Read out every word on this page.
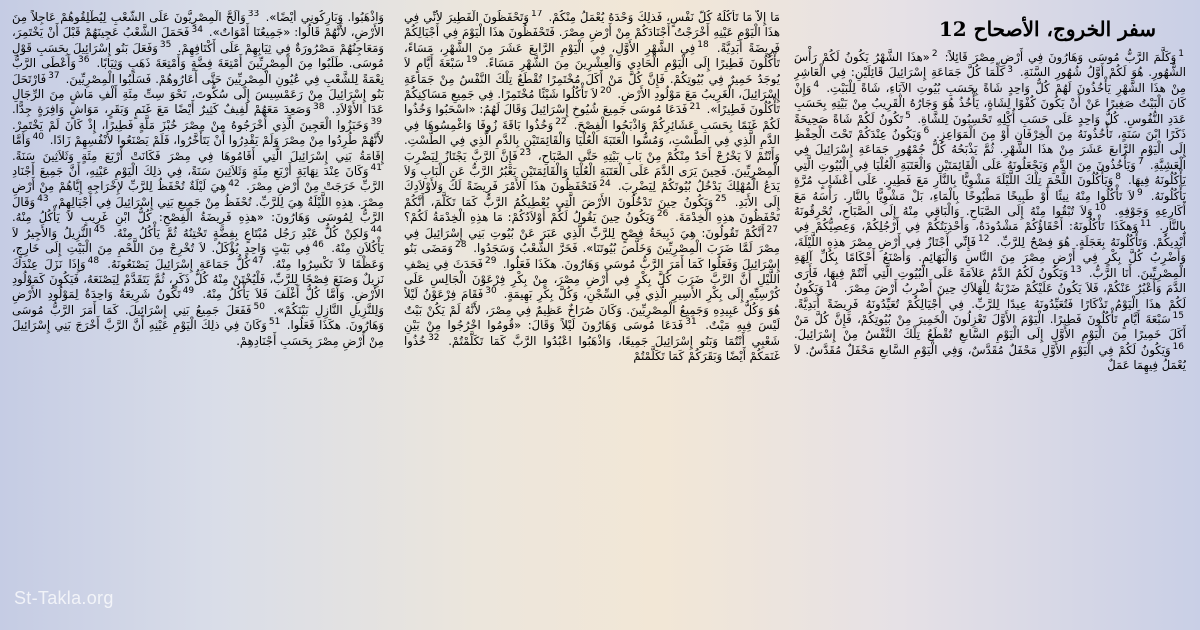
سفر الخروج، الأصحاح 12
$^1$وَكَلَّمَ الرَّبُّ مُوسَى وَهَارُونَ فِي أَرْضِ مِصْرَ قَائِلاً: $^2$«هذَا الشَّهْرُ يَكُونُ لَكُمْ رَأْسَ الشُّهُورِ. هُوَ لَكُمْ أَوَّلُ شُهُورِ السَّنَةِ. $^3$كَلِّمَا كُلَّ جَمَاعَةِ إِسْرَائِيلَ قَائِلَيْنِ: فِي الْعَاشِرِ مِنْ هذَا الشَّهْرِ يَأْخُذُونَ لَهُمْ كُلُّ وَاحِدٍ شَاةً بِحَسَبِ بُيُوتِ الآبَاءِ، شَاةً لِلْبَيْتِ. $^4$وَإِنْ كَانَ الْبَيْتُ صَغِيرًا عَنْ أَنْ يَكُونَ كُفْوًا لِشَاةٍ، يَأْخُذُ هُوَ وَجَارُهُ الْقَرِيبُ مِنْ بَيْتِهِ بِحَسَبِ عَدَدِ النُّفُوسِ. كُلُّ وَاحِدٍ عَلَى حَسَبِ أُكْلِهِ تَحْسِبُونَ لِلشَّاةِ. $^5$تَكُونُ لَكُمْ شَاةً صَحِيحَةً ذَكَرًا ابْنَ سَنَةٍ، تَأْخُذُونَهُ مِنَ الْخِرْفَانِ أَوْ مِنَ الْمَوَاعِزِ. $^6$وَيَكُونُ عِنْدَكُمْ تَحْتَ الْحِفْظِ إِلَى الْيَوْمِ الرَّابعَ عَشَرَ مِنْ هذَا الشَّهْرِ. ثُمَّ يَذْبَحُهُ كُلُّ جُمْهُورِ جَمَاعَةِ إِسْرَائِيلَ فِي الْعَشِيَّةِ. $^7$وَيَأْخُذُونَ مِنَ الدَّمِ وَيَجْعَلُونَهُ عَلَى الْقَائِمَتَيْنِ وَالْعَتَبَةِ الْعُلْيَا فِي الْبُيُوتِ الَّتِي يَأْكُلُونَهُ فِيهَا. $^8$وَيَأْكُلُونَ اللَّحْمَ تِلْكَ اللَّيْلَةَ مَشْوِيًّا بِالنَّارِ مَعَ فَطِيرٍ. عَلَى أَعْشَابٍ مُرَّةٍ يَأْكُلُونَهُ. $^9$لاَ تَأْكُلُوا مِنْهُ نِيئًا أَوْ طَبِيخًا مَطْبُوخًا بِالْمَاءِ، بَلْ مَشْوِيًّا بِالنَّارِ. رَأْسَهُ مَعَ أَكَارِعِهِ وَجَوْفِهِ. $^{10}$وَلاَ تُبْقُوا مِنْهُ إِلَى الصَّبَاحِ. وَالْبَاقِي مِنْهُ إِلَى الصَّبَاحِ، تُحْرِقُونَهُ بِالنَّارِ. $^{11}$وَهكَذَا تَأْكُلُونَهُ: أَحْقَاؤُكُمْ مَشْدُودَةٌ، وَأَحْذِيَتُكُمْ فِي أَرْجُلِكُمْ، وَعِصِيُّكُمْ فِي أَيْدِيكُمْ. وَتَأْكُلُونَهُ بِعَجَلَةٍ. هُوَ فِصْحٌ لِلرَّبِّ. $^{12}$فَإِنِّي أَجْتَازُ فِي أَرْضِ مِصْرَ هذِهِ اللَّيْلَةَ، وَأَضْرِبُ كُلَّ بِكْرٍ فِي أَرْضِ مِصْرَ مِنَ النَّاسِ وَالْبَهَائِمِ. وَأَصْنَعُ أَحْكَامًا بِكُلِّ آلِهَةِ الْمِصْرِيِّينَ. أَنَا الرَّبُّ. $^{13}$وَيَكُونُ لَكُمُ الدَّمُ عَلاَمَةً عَلَى الْبُيُوتِ الَّتِي أَنْتُمْ فِيهَا، فَأَرَى الدَّمَ وَأَعْبُرُ عَنْكُمْ، فَلاَ يَكُونُ عَلَيْكُمْ ضَرْبَةٌ لِلْهَلاَكِ حِينَ أَضْرِبُ أَرْضَ مِصْرَ. $^{14}$وَيَكُونُ لَكُمْ هذَا الْيَوْمُ تَذْكَارًا فَتُعَيِّدُونَهُ عِيدًا لِلرَّبِّ. فِي أَجْيَالِكُمْ تُعَيِّدُونَهُ فَرِيضَةً أَبَدِيَّةً. $^{15}$سَبْعَةَ أَيَّامٍ تَأْكُلُونَ فَطِيرًا. الْيَوْمَ الأَوَّلَ تَعْزِلُونَ الْخَمِيرَ مِنْ بُيُوتِكُمْ، فَإِنَّ كُلَّ مَنْ أَكَلَ خَمِيرًا مِنَ الْيَوْمِ الأَوَّلِ إِلَى الْيَوْمِ السَّابعِ تُقْطَعُ تِلْكَ النَّفْسُ مِنْ إِسْرَائِيلَ. $^{16}$وَيَكُونُ لَكُمْ فِي الْيَوْمِ الأَوَّلِ مَحْفَلٌ مُقَدَّسٌ، وَفِي الْيَوْمِ السَّابعِ مَحْفَلٌ مُقَدَّسٌ. لاَ يُعْمَلُ فِيهِمَا عَمَلٌ
مَا إِلاَّ مَا تَأْكُلُهُ كُلُّ نَفْسٍ، فَذلِكَ وَحْدَهُ يُعْمَلُ مِنْكُمْ. $^{17}$وَتَحْفَظُونَ الْفَطِيرَ لأَنِّي فِي هذَا الْيَوْمِ عَيْنِهِ أَخْرَجْتُ أَجْنَادَكُمْ مِنْ أَرْضِ مِصْرَ. فَتَحْفَظُونَ هذَا الْيَوْمَ فِي أَجْيَالِكُمْ فَرِيضَةً أَبَدِيَّةً. $^{18}$فِي الشَّهْرِ الأَوَّلِ، فِي الْيَوْمِ الرَّابعَ عَشَرَ مِنَ الشَّهْرِ، مَسَاءً، تَأْكُلُونَ فَطِيرًا إِلَى الْيَوْمِ الْحَادِي وَالْعِشْرِينَ مِنَ الشَّهْرِ مَسَاءً. $^{19}$سَبْعَةَ أَيَّامٍ لاَ يُوجَدُ خَمِيرٌ فِي بُيُوتِكُمْ. فَإِنَّ كُلَّ مَنْ أَكَلَ مُخْتَمِرًا تُقْطَعُ تِلْكَ النَّفْسُ مِنْ جَمَاعَةِ إِسْرَائِيلَ، الْغَرِيبُ مَعَ مَوْلُودِ الأَرْضِ. $^{20}$لاَ تَأْكُلُوا شَيْئًا مُخْتَمِرًا. فِي جَمِيعِ مَسَاكِنِكُمْ تَأْكُلُونَ فَطِيرًا». $^{21}$فَدَعَا مُوسَى جَمِيعَ شُيُوخِ إِسْرَائِيلَ وَقَالَ لَهُمُ: «اسْحَبُوا وَخُذُوا لَكُمْ غَنَمًا بِحَسَبِ عَشَائِرِكُمْ وَاذْبَحُوا الْفِصْحَ. $^{22}$وَخُذُوا بَاقَةَ زُوفَا وَاغْمِسُوهَا فِي الدَّمِ الَّذِي فِي الطَّسْتِ، وَمُسُّوا الْعَتَبَةَ الْعُلْيَا وَالْقَائِمَتَيْنِ بِالدَّمِ الَّذِي فِي الطَّسْتِ. وَأَنْتُمْ لاَ يَخْرُجْ أَحَدٌ مِنْكُمْ مِنْ بَابِ بَيْتِهِ حَتَّى الصَّبَاحِ، $^{23}$فَإِنَّ الرَّبَّ يَجْتَازُ لِيَضْرِبَ الْمِصْرِيِّينَ. فَحِينَ يَرَى الدَّمَ عَلَى الْعَتَبَةِ الْعُلْيَا وَالْقَائِمَتَيْنِ يَعْبُرُ الرَّبُّ عَنِ الْبَابِ وَلاَ يَدَعُ الْمُهْلِكَ يَدْخُلُ بُيُوتَكُمْ لِيَضْرِبَ. $^{24}$فَتَحْفَظُونَ هذَا الأَمْرَ فَرِيضَةً لَكَ وَلأَوْلاَدِكَ إِلَى الأَبَدِ. $^{25}$وَيَكُونُ حِينَ تَدْخُلُونَ الأَرْضَ الَّتِي يُعْطِيكُمُ الرَّبُّ كَمَا تَكَلَّمَ، أَنَّكُمْ تَحْفَظُونَ هذِهِ الْخِدْمَةَ. $^{26}$وَيَكُونُ حِينَ يَقُولُ لَكُمْ أَوْلاَدُكُمْ: مَا هذِهِ الْخِدْمَةُ لَكُمْ؟ $^{27}$أَنَّكُمْ تَقُولُونَ: هِيَ ذَبِيحَةُ فِصْحٍ لِلرَّبِّ الَّذِي عَبَرَ عَنْ بُيُوتِ بَنِي إِسْرَائِيلَ فِي مِصْرَ لَمَّا ضَرَبَ الْمِصْرِيِّينَ وَخَلَّصَ بُيُوتَنَا». فَخَرَّ الشَّعْبُ وَسَجَدُوا. $^{28}$وَمَضَى بَنُو إِسْرَائِيلَ وَفَعَلُوا كَمَا أَمَرَ الرَّبُّ مُوسَى وَهَارُونَ. هكَذَا فَعَلُوا. $^{29}$فَحَدَثَ فِي نِصْفِ اللَّيْلِ أَنَّ الرَّبَّ ضَرَبَ كُلَّ بِكْرٍ فِي أَرْضِ مِصْرَ، مِنْ بِكْرِ فِرْعَوْنَ الْجَالِسِ عَلَى كُرْسِيِّهِ إِلَى بِكْرِ الأَسِيرِ الَّذِي فِي السِّجْنِ، وَكُلَّ بِكْرِ بَهِيمَةٍ. $^{30}$فَقَامَ فِرْعَوْنُ لَيْلاً هُوَ وَكُلُّ عَبِيدِهِ وَجَمِيعُ الْمِصْرِيِّينَ. وَكَانَ صُرَاخٌ عَظِيمٌ فِي مِصْرَ، لأَنَّهُ لَمْ يَكُنْ بَيْتٌ لَيْسَ فِيهِ مَيْتٌ. $^{31}$فَدَعَا مُوسَى وَهَارُونَ لَيْلاً وَقَالَ: «قُومُوا اخْرُجُوا مِنْ بَيْنِ شَعْبِي أَنْتُمَا وَبَنُو إِسْرَائِيلَ جَمِيعًا، وَاذْهَبُوا اعْبُدُوا الرَّبَّ كَمَا تَكَلَّمْتُمْ. $^{32}$خُذُوا غَنَمَكُمْ أَيْضًا وَبَقَرَكُمْ كَمَا تَكَلَّمْتُمْ
وَاذْهَبُوا. وَبَارِكُونِي أَيْضًا». $^{33}$وَأَلَحَّ الْمِصْرِيُّونَ عَلَى الشَّعْبِ لِيُطْلِقُوهُمْ عَاجِلاً مِنَ الأَرْضِ، لأَنَّهُمْ قَالُوا: «جَمِيعُنَا أَمْوَاتٌ». $^{34}$فَحَمَلَ الشَّعْبُ عَجِينَهُمْ قَبْلَ أَنْ يَخْتَمِرَ، وَمَعَاجِنُهُمْ مَصْرُورَةٌ فِي ثِيَابِهِمْ عَلَى أَكْتَافِهِمْ. $^{35}$وَفَعَلَ بَنُو إِسْرَائِيلَ بِحَسَبِ قَوْلِ مُوسَى. طَلَبُوا مِنَ الْمِصْرِيِّينَ أَمْتِعَةَ فِضَّةٍ وَأَمْتِعَةَ ذَهَبٍ وَثِيَابًا. $^{36}$وَأَعْطَى الرَّبُّ نِعْمَةً لِلشَّعْبِ فِي عُيُونِ الْمِصْرِيِّينَ حَتَّى أَعَارُوهُمْ. فَسَلَبُوا الْمِصْرِيِّينَ. $^{37}$فَارْتَحَلَ بَنُو إِسْرَائِيلَ مِنْ رَعَمْسِيسَ إِلَى سُكُّوتَ، نَحْوَ سِتِّ مِئَةِ أَلْفِ مَاشٍ مِنَ الرِّجَالِ عَدَا الأَوْلاَدِ. $^{38}$وَصَعِدَ مَعَهُمْ لَفِيفٌ كَثِيرٌ أَيْضًا مَعَ غَنَمٍ وَبَقَرٍ، مَوَاشٍ وَافِرَةٍ جِدًّا. $^{39}$وَخَبَزُوا الْعَجِينَ الَّذِي أَخْرَجُوهُ مِنْ مِصْرَ خُبْزَ مَلَّةٍ فَطِيرًا، إِذْ كَانَ لَمْ يَخْتَمِرْ. لأَنَّهُمْ طُرِدُوا مِنْ مِصْرَ وَلَمْ يَقْدِرُوا أَنْ يَتَأَخَّرُوا، فَلَمْ يَصْنَعُوا لأَنْفُسِهِمْ زَادًا. $^{40}$وَأَمَّا إِقَامَةُ بَنِي إِسْرَائِيلَ الَّتِي أَقَامُوهَا فِي مِصْرَ فَكَانَتْ أَرْبَعَ مِئَةٍ وَثَلاَثِينَ سَنَةً. $^{41}$وَكَانَ عِنْدَ نِهَايَةِ أَرْبَعِ مِئَةٍ وَثَلاَثِينَ سَنَةً، فِي ذلِكَ الْيَوْمِ عَيْنِهِ، أَنَّ جَمِيعَ أَجْنَادِ الرَّبِّ خَرَجَتْ مِنْ أَرْضِ مِصْرَ. $^{42}$هِيَ لَيْلَةٌ تُحْفَظُ لِلرَّبِّ لإِخْرَاجِهِ إِيَّاهُمْ مِنْ أَرْضِ مِصْرَ. هذِهِ اللَّيْلَةُ هِيَ لِلرَّبِّ. تُحْفَظُ مِنْ جَمِيعِ بَنِي إِسْرَائِيلَ فِي أَجْيَالِهِمْ. $^{43}$وَقَالَ الرَّبُّ لِمُوسَى وَهَارُونَ: «هذِهِ فَرِيضَةُ الْفِصْحِ: كُلُّ ابْنِ غَرِيبٍ لاَ يَأْكُلُ مِنْهُ. $^{44}$وَلكِنْ كُلُّ عَبْدِ رَجُل مُبْتَاعٍ بِفِضَّةٍ تَخْتِنُهُ ثُمَّ يَأْكُلُ مِنْهُ. $^{45}$النَّزِيلُ وَالأَجِيرُ لاَ يَأْكُلاَنِ مِنْهُ. $^{46}$فِي بَيْتٍ وَاحِدٍ يُؤْكَلُ. لاَ تُخْرِجْ مِنَ اللَّحْمِ مِنَ الْبَيْتِ إِلَى خَارِجٍ، وَعَظْمًا لاَ تَكْسِرُوا مِنْهُ. $^{47}$كُلُّ جَمَاعَةِ إِسْرَائِيلَ يَصْنَعُونَهُ. $^{48}$وَإِذَا نَزَلَ عِنْدَكَ نَزِيلٌ وَصَنَعَ فِصْحًا لِلرَّبِّ، فَلْيُخْتَنْ مِنْهُ كُلُّ ذَكَرٍ، ثُمَّ يَتَقَدَّمْ لِيَصْنَعَهُ، فَيَكُونَ كَمَوْلُودِ الأَرْضِ. وَأَمَّا كُلُّ أَغْلَفَ فَلاَ يَأْكُلُ مِنْهُ. $^{49}$تَكُونُ شَرِيعَةٌ وَاحِدَةٌ لِمَوْلُودِ الأَرْضِ وَلِلنَّزِيلِ النَّازِلِ بَيْنَكُمْ». $^{50}$فَفَعَلَ جَمِيعُ بَنِي إِسْرَائِيلَ. كَمَا أَمَرَ الرَّبُّ مُوسَى وَهَارُونَ. هكَذَا فَعَلُوا. $^{51}$وَكَانَ فِي ذلِكَ الْيَوْمِ عَيْنِهِ أَنَّ الرَّبَّ أَخْرَجَ بَنِي إِسْرَائِيلَ مِنْ أَرْضِ مِصْرَ بِحَسَبِ أَجْنَادِهِمْ.
St-Takla.org
